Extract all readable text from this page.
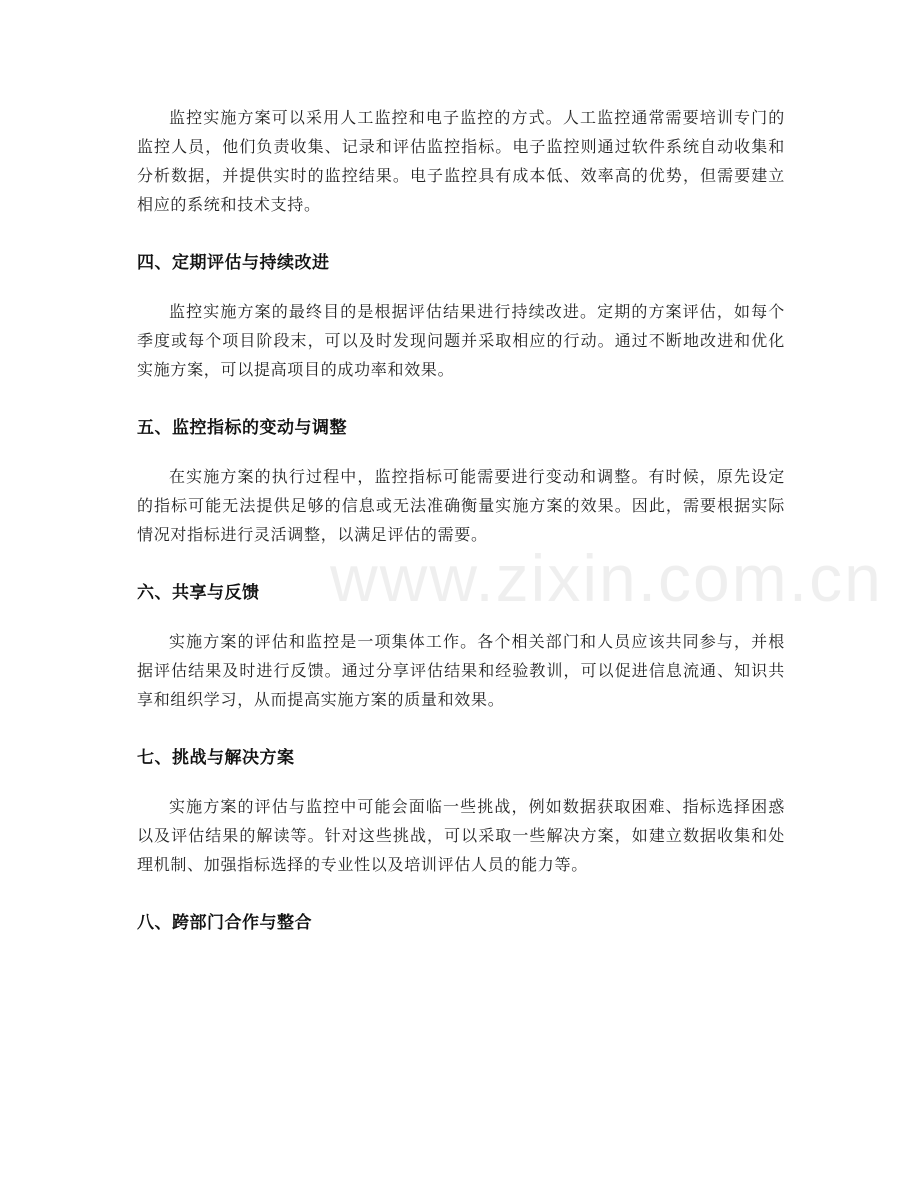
监控实施方案可以采用人工监控和电子监控的方式。人工监控通常需要培训专门的监控人员，他们负责收集、记录和评估监控指标。电子监控则通过软件系统自动收集和分析数据，并提供实时的监控结果。电子监控具有成本低、效率高的优势，但需要建立相应的系统和技术支持。

四、定期评估与持续改进

监控实施方案的最终目的是根据评估结果进行持续改进。定期的方案评估，如每个季度或每个项目阶段末，可以及时发现问题并采取相应的行动。通过不断地改进和优化实施方案，可以提高项目的成功率和效果。

五、监控指标的变动与调整

在实施方案的执行过程中，监控指标可能需要进行变动和调整。有时候，原先设定的指标可能无法提供足够的信息或无法准确衡量实施方案的效果。因此，需要根据实际情况对指标进行灵活调整，以满足评估的需要。

六、共享与反馈

实施方案的评估和监控是一项集体工作。各个相关部门和人员应该共同参与，并根据评估结果及时进行反馈。通过分享评估结果和经验教训，可以促进信息流通、知识共享和组织学习，从而提高实施方案的质量和效果。

七、挑战与解决方案

实施方案的评估与监控中可能会面临一些挑战，例如数据获取困难、指标选择困惑以及评估结果的解读等。针对这些挑战，可以采取一些解决方案，如建立数据收集和处理机制、加强指标选择的专业性以及培训评估人员的能力等。

八、跨部门合作与整合
www.zixin.com.cn
